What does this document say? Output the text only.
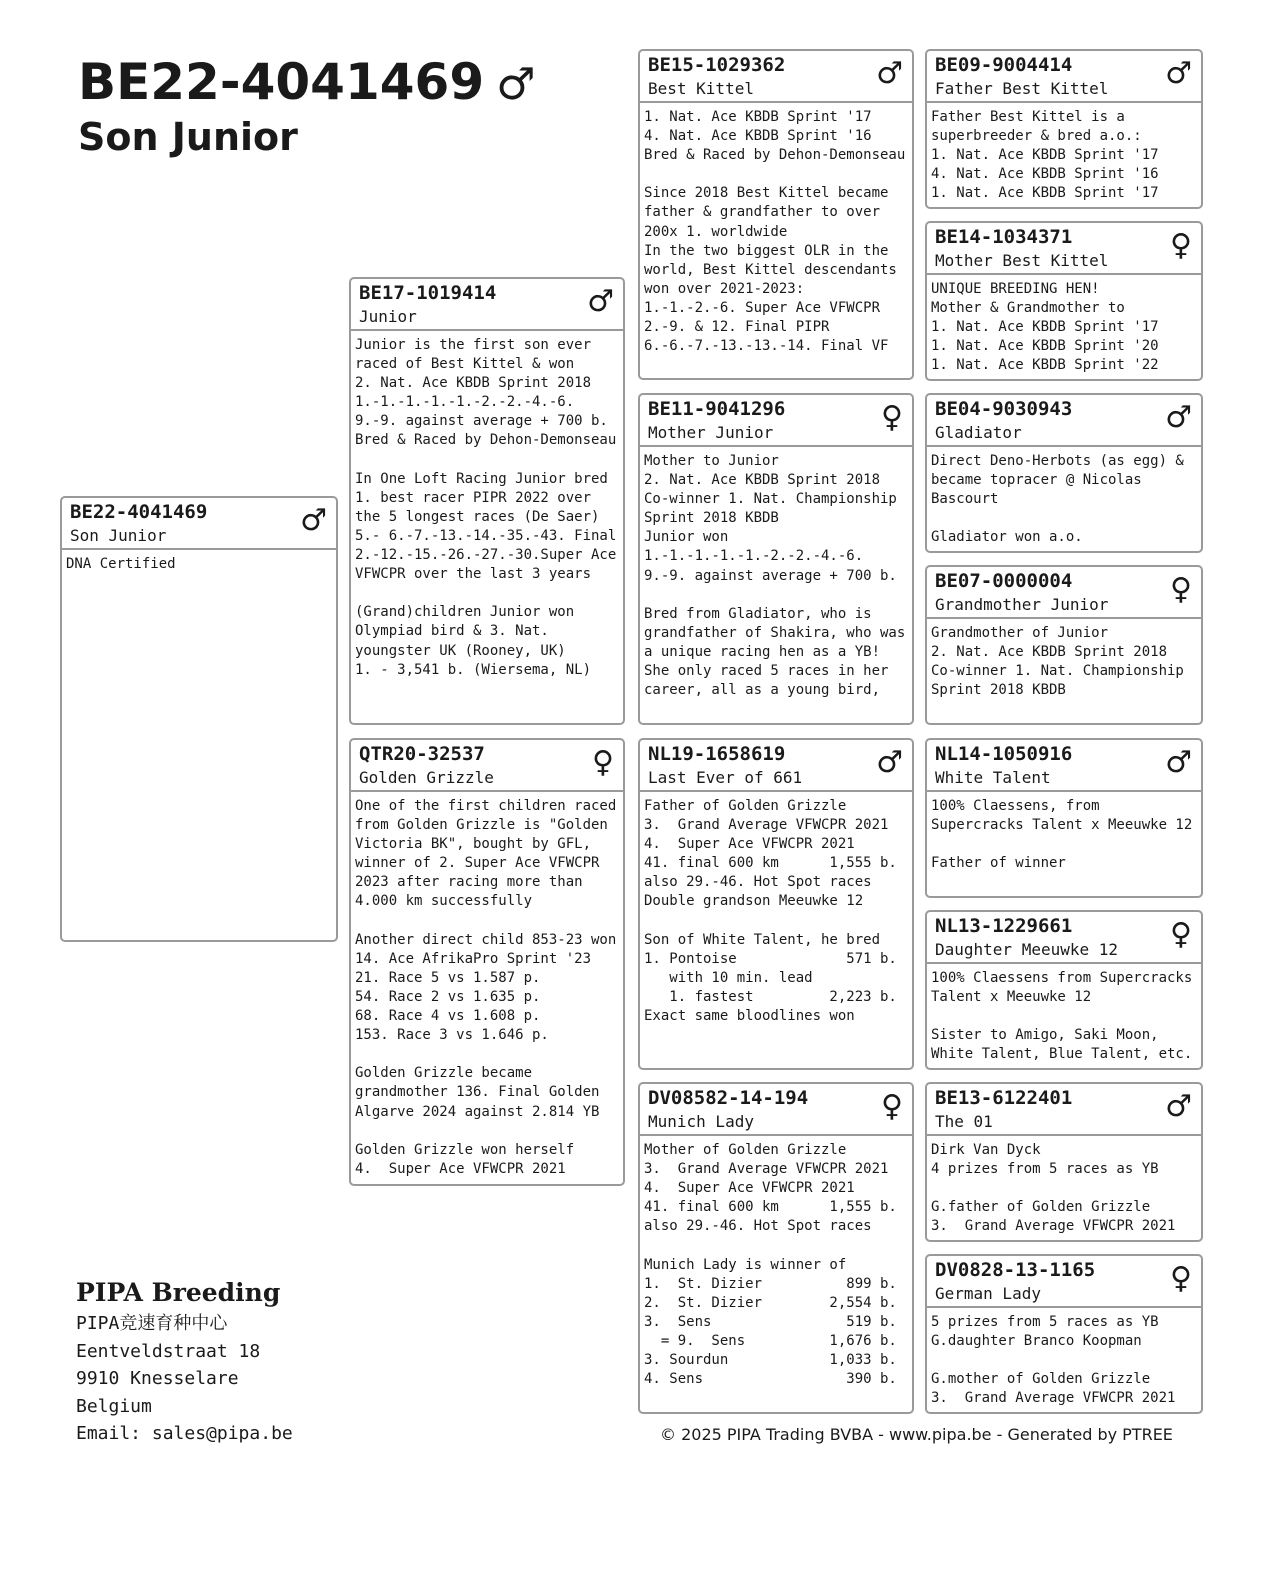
BE22-4041469 ♂
Son Junior
BE22-4041469
Son Junior	♂
DNA Certified
BE17-1019414
Junior	♂
Junior is the first son ever
raced of Best Kittel & won
2. Nat. Ace KBDB Sprint 2018
1.-1.-1.-1.-1.-2.-2.-4.-6.
9.-9. against average + 700 b.
Bred & Raced by Dehon-Demonseau

In One Loft Racing Junior bred
1. best racer PIPR 2022 over
the 5 longest races (De Saer)
5.- 6.-7.-13.-14.-35.-43. Final
2.-12.-15.-26.-27.-30.Super Ace
VFWCPR over the last 3 years

(Grand)children Junior won
Olympiad bird & 3. Nat.
youngster UK (Rooney, UK)
1. - 3,541 b. (Wiersema, NL)
QTR20-32537
Golden Grizzle	♀
One of the first children raced
from Golden Grizzle is "Golden
Victoria BK", bought by GFL,
winner of 2. Super Ace VFWCPR
2023 after racing more than
4.000 km successfully

Another direct child 853-23 won
14. Ace AfrikaPro Sprint '23
21. Race 5 vs 1.587 p.
54. Race 2 vs 1.635 p.
68. Race 4 vs 1.608 p.
153. Race 3 vs 1.646 p.

Golden Grizzle became
grandmother 136. Final Golden
Algarve 2024 against 2.814 YB

Golden Grizzle won herself
4.  Super Ace VFWCPR 2021
BE15-1029362
Best Kittel	♂
1. Nat. Ace KBDB Sprint '17
4. Nat. Ace KBDB Sprint '16
Bred & Raced by Dehon-Demonseau

Since 2018 Best Kittel became
father & grandfather to over
200x 1. worldwide
In the two biggest OLR in the
world, Best Kittel descendants
won over 2021-2023:
1.-1.-2.-6. Super Ace VFWCPR
2.-9. & 12. Final PIPR
6.-6.-7.-13.-13.-14. Final VF
BE11-9041296
Mother Junior	♀
Mother to Junior
2. Nat. Ace KBDB Sprint 2018
Co-winner 1. Nat. Championship
Sprint 2018 KBDB
Junior won
1.-1.-1.-1.-1.-2.-2.-4.-6.
9.-9. against average + 700 b.

Bred from Gladiator, who is
grandfather of Shakira, who was
a unique racing hen as a YB!
She only raced 5 races in her
career, all as a young bird,
NL19-1658619
Last Ever of 661 ♂
Father of Golden Grizzle
3.  Grand Average VFWCPR 2021
4.  Super Ace VFWCPR 2021
41. final 600 km      1,555 b.
also 29.-46. Hot Spot races
Double grandson Meeuwke 12

Son of White Talent, he bred
1. Pontoise             571 b.
with 10 min. lead
1. fastest         2,223 b.
Exact same bloodlines won
DV08582-14-194
Munich Lady	♀
Mother of Golden Grizzle
3.  Grand Average VFWCPR 2021
4.  Super Ace VFWCPR 2021
41. final 600 km      1,555 b.
also 29.-46. Hot Spot races

Munich Lady is winner of
1.  St. Dizier          899 b.
2.  St. Dizier        2,554 b.
3.  Sens                519 b.
= 9.  Sens          1,676 b.
3. Sourdun            1,033 b.
4. Sens                 390 b.
BE09-9004414
Father Best Kittel ♂
Father Best Kittel is a
superbreeder & bred a.o.:
1. Nat. Ace KBDB Sprint '17
4. Nat. Ace KBDB Sprint '16
1. Nat. Ace KBDB Sprint '17
BE14-1034371
Mother Best Kittel ♀
UNIQUE BREEDING HEN!
Mother & Grandmother to
1. Nat. Ace KBDB Sprint '17
1. Nat. Ace KBDB Sprint '20
1. Nat. Ace KBDB Sprint '22
BE04-9030943
Gladiator	♂
Direct Deno-Herbots (as egg) &
became topracer @ Nicolas
Bascourt

Gladiator won a.o.
BE07-0000004
Grandmother Junior ♀
Grandmother of Junior
2. Nat. Ace KBDB Sprint 2018
Co-winner 1. Nat. Championship
Sprint 2018 KBDB
NL14-1050916
White Talent	♂
100% Claessens, from
Supercracks Talent x Meeuwke 12

Father of winner
NL13-1229661
Daughter Meeuwke 12 ♀
100% Claessens from Supercracks
Talent x Meeuwke 12

Sister to Amigo, Saki Moon,
White Talent, Blue Talent, etc.
BE13-6122401
The 01	♂
Dirk Van Dyck
4 prizes from 5 races as YB

G.father of Golden Grizzle
3.  Grand Average VFWCPR 2021
DV0828-13-1165
German Lady	♀
5 prizes from 5 races as YB
G.daughter Branco Koopman

G.mother of Golden Grizzle
3.  Grand Average VFWCPR 2021
PIPA Breeding
PIPA竞速育种中心
Eentveldstraat 18
9910 Knesselare
Belgium
Email: sales@pipa.be	© 2025 PIPA Trading BVBA - www.pipa.be - Generated by PTREE
